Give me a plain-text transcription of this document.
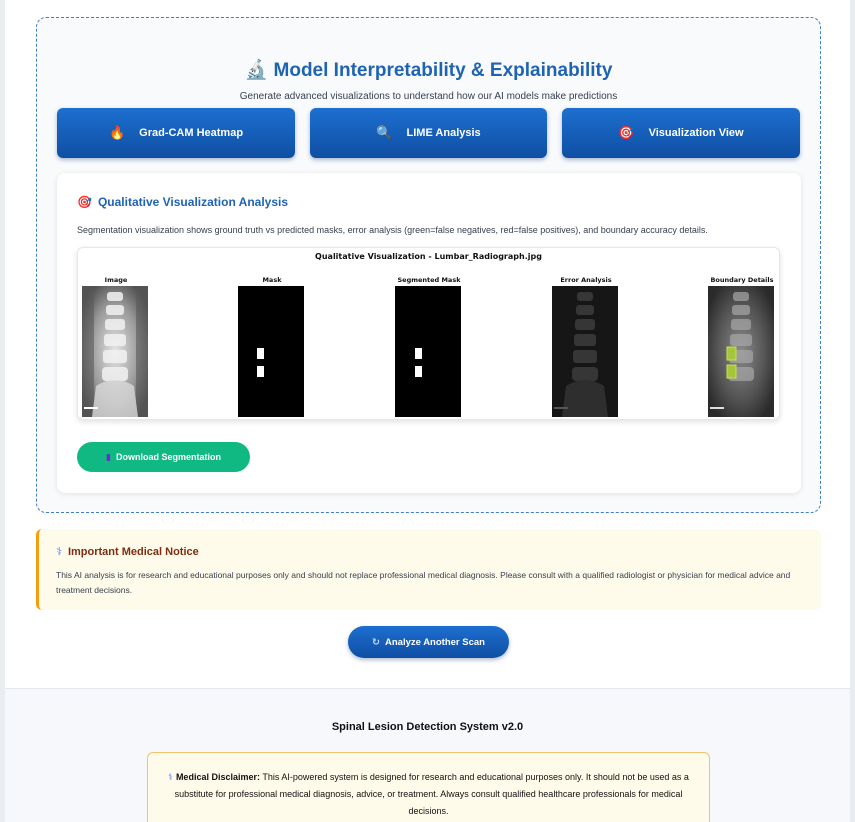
🔬 Model Interpretability & Explainability

Generate advanced visualizations to understand how our AI models make predictions

🔥 Grad-CAM Heatmap	🔍 LIME Analysis	🎯 Visualization View
🎯 Qualitative Visualization Analysis

Segmentation visualization shows ground truth vs predicted masks, error analysis (green=false negatives, red=false positives), and boundary accuracy details.

Qualitative Visualization - Lumbar_Radiograph.jpg
Image	Mask	Segmented Mask	Error Analysis	Boundary Details
▮ Download Segmentation
⚕ Important Medical Notice

This AI analysis is for research and educational purposes only and should not replace professional medical diagnosis. Please consult with a qualified radiologist or physician for medical advice and treatment decisions.

↻ Analyze Another Scan
Spinal Lesion Detection System v2.0
⚕ Medical Disclaimer: This AI-powered system is designed for research and educational purposes only. It should not be used as a substitute for professional medical diagnosis, advice, or treatment. Always consult qualified healthcare professionals for medical decisions.
